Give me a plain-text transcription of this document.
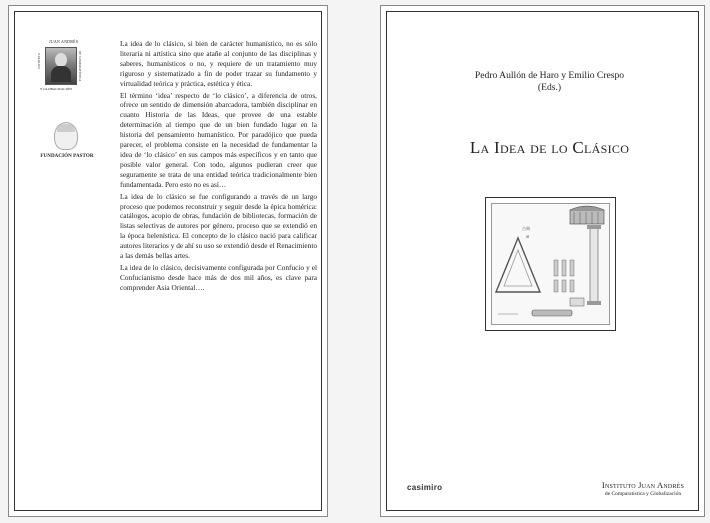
JUAN ANDRÉS
INSTITUTO	DE COMPARATÍSTICA
Y GLOBALIZACIÓN
FUNDACIÓN PASTOR

La idea de lo clásico, si bien de carácter humanístico, no es sólo literaria ni artística sino que atañe al conjunto de las disciplinas y saberes, humanísticos o no, y requiere de un tratamiento muy riguroso y sistematizado a fin de poder trazar su fundamento y virtualidad teórica y práctica, estética y ética.

El término ‘idea’ respecto de ‘lo clásico’, a diferencia de otros, ofrece un sentido de dimensión abarcadora, también disciplinar en cuanto Historia de las Ideas, que provee de una estable determinación al tiempo que de un bien fundado lugar en la historia del pensamiento humanístico. Por paradójico que pueda parecer, el problema consiste en la necesidad de fundamentar la idea de ‘lo clásico’ en sus campos más específicos y en tanto que posible valor general. Con todo, algunos pudieran creer que seguramente se trata de una entidad teórica tradicionalmente bien fundamentada. Pero esto no es así…

La idea de lo clásico se fue configurando a través de un largo proceso que podemos reconstruir y seguir desde la épica homérica: catálogos, acopio de obras, fundación de bibliotecas, formación de listas selectivas de autores por género, proceso que se extendió en la época helenística. El concepto de lo clásico nació para calificar autores literarios y de ahí su uso se extendió desde el Renacimiento a las demás bellas artes.

La idea de lo clásico, decisivamente configurada por Confucio y el Confucianismo desde hace más de dos mil años, es clave para comprender Asia Oriental….

Pedro Aullón de Haro y Emilio Crespo
(Eds.)
La Idea de lo Clásico
古典
⊞
casimiro	Instituto Juan Andrés
de Comparatística y Globalización
